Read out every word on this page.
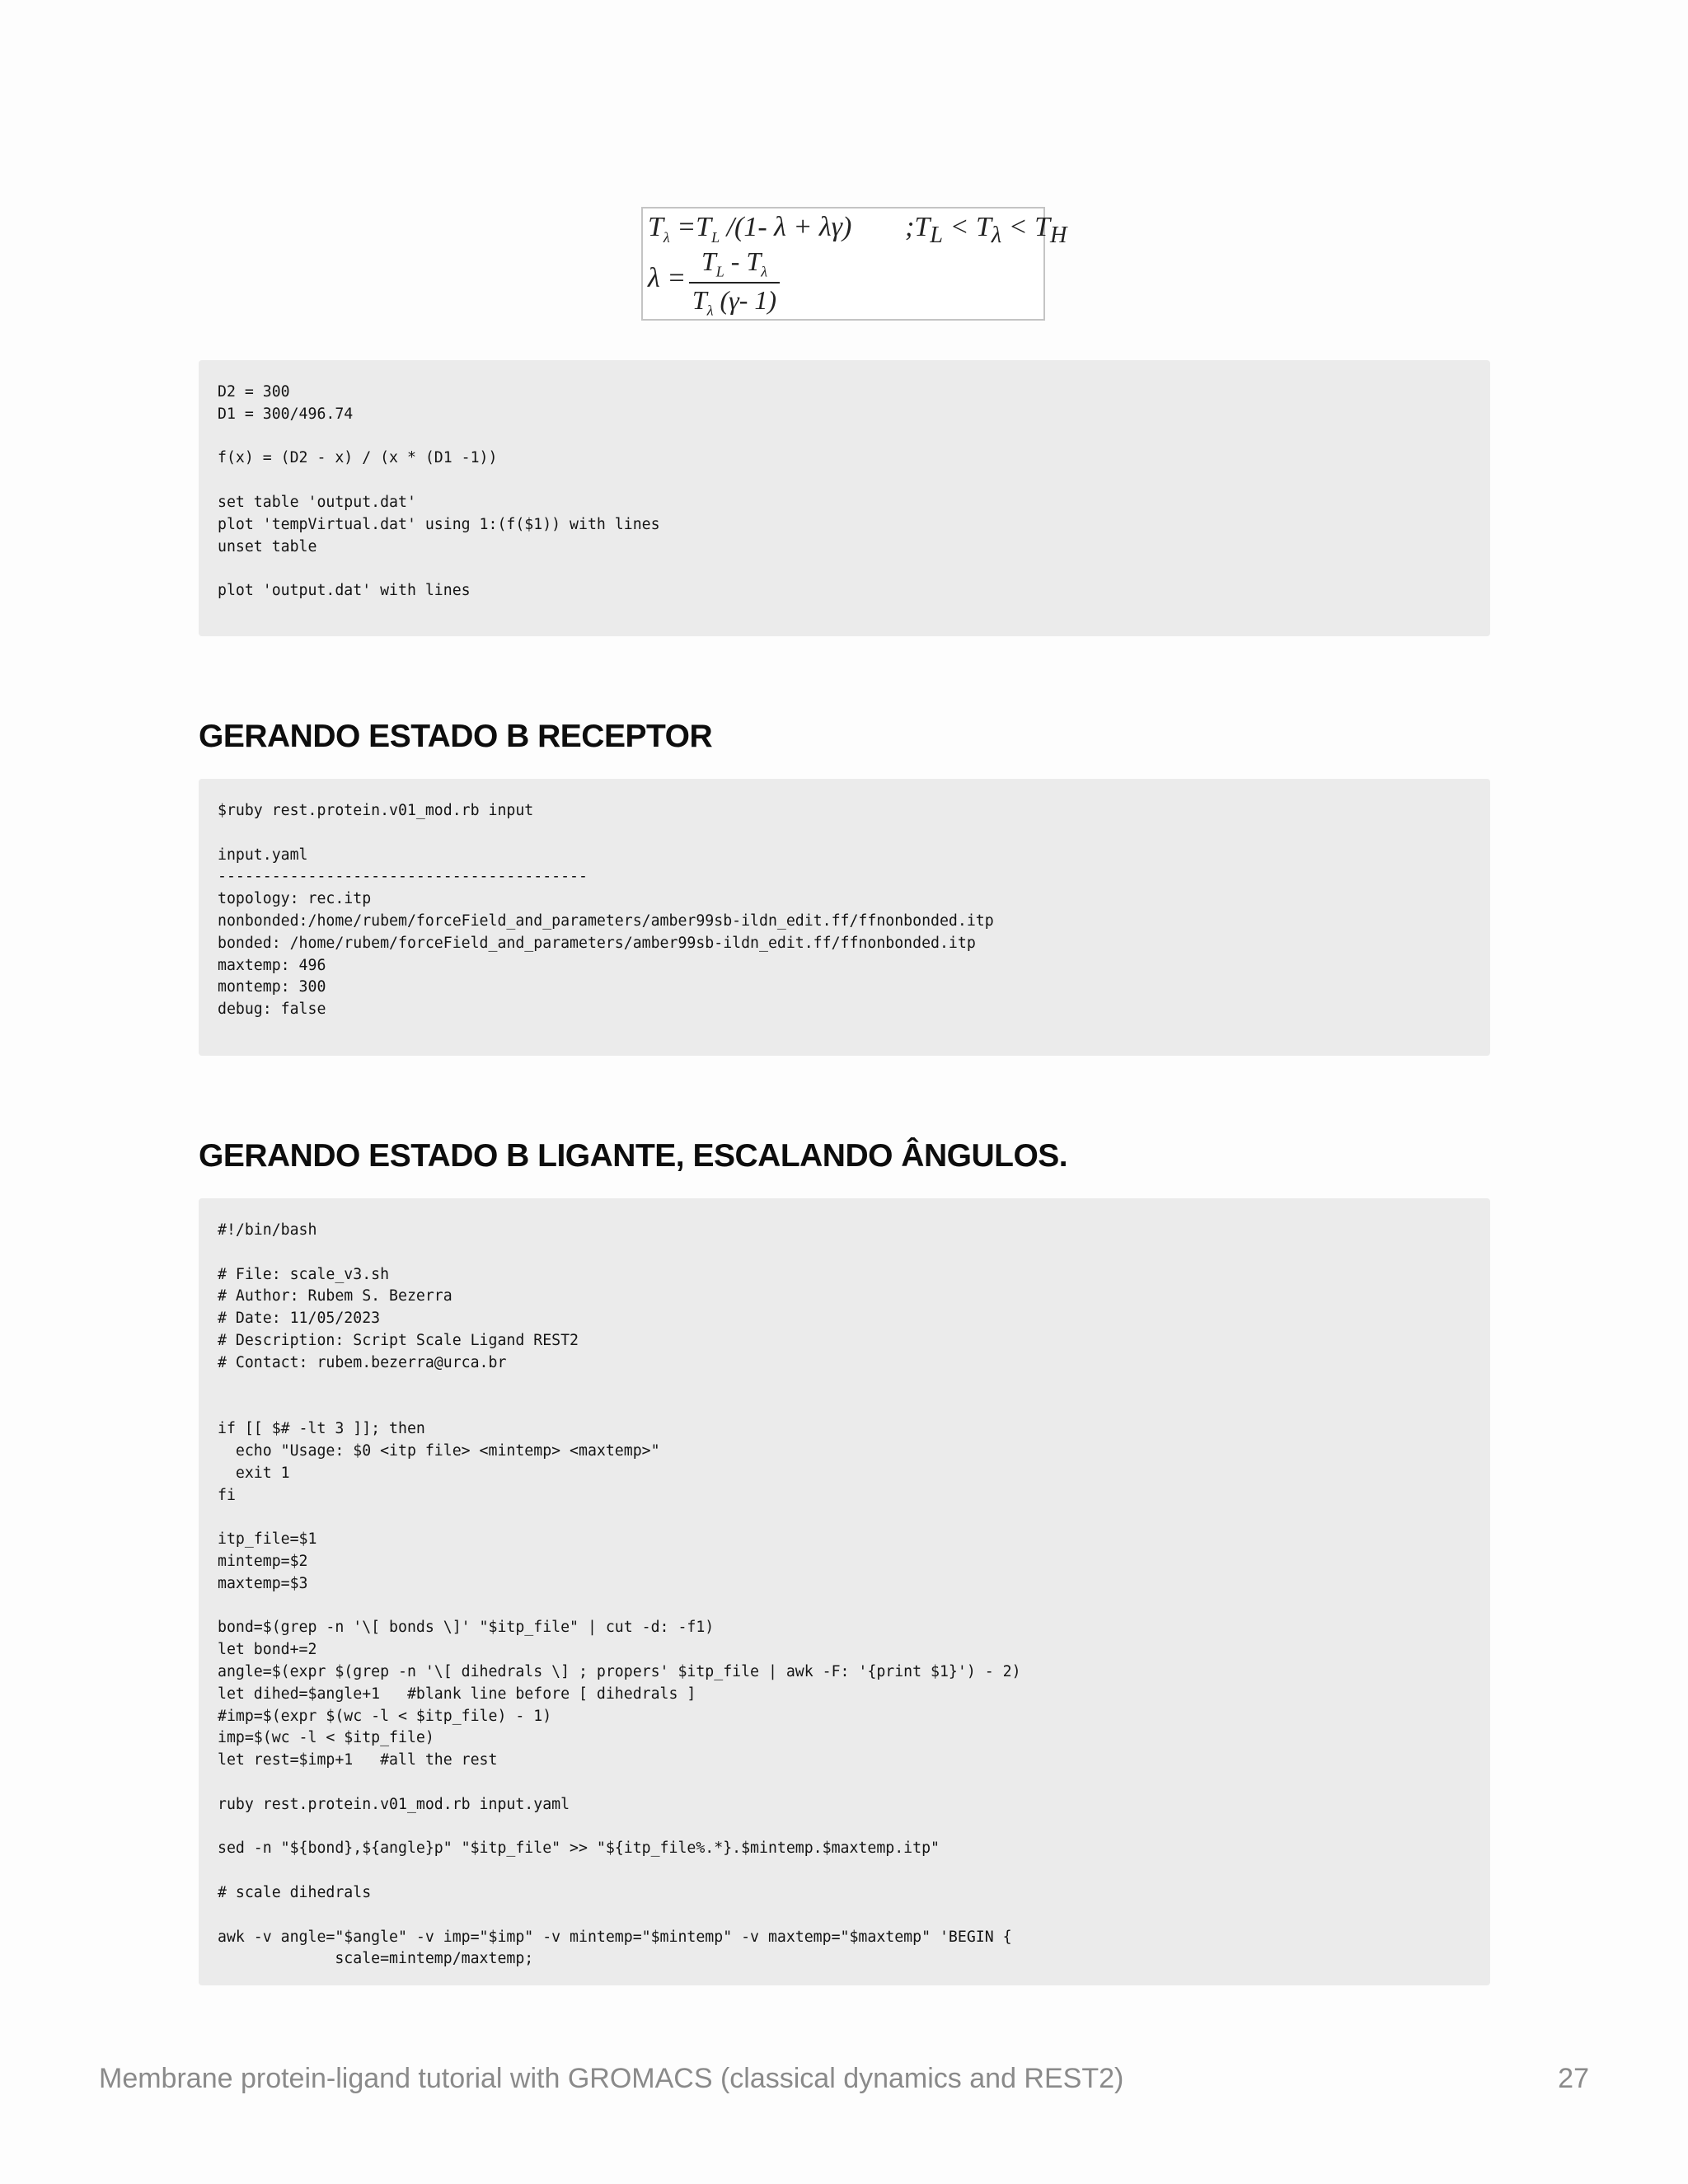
$T_\lambda =T_L$ /(1- λ + λγ) $;T_L < T_\lambda < T_H$
$\lambda = \frac{T_L - T_\lambda}{T_\lambda (\gamma- 1)}$
D2 = 300
D1 = 300/496.74

f(x) = (D2 - x) / (x * (D1 -1))

set table 'output.dat'
plot 'tempVirtual.dat' using 1:(f($1)) with lines
unset table

plot 'output.dat' with lines
GERANDO ESTADO B RECEPTOR
$ruby rest.protein.v01_mod.rb input

input.yaml
-----------------------------------------
topology: rec.itp
nonbonded:/home/rubem/forceField_and_parameters/amber99sb-ildn_edit.ff/ffnonbonded.itp
bonded: /home/rubem/forceField_and_parameters/amber99sb-ildn_edit.ff/ffnonbonded.itp
maxtemp: 496
montemp: 300
debug: false
GERANDO ESTADO B LIGANTE, ESCALANDO ÂNGULOS.
#!/bin/bash

# File: scale_v3.sh
# Author: Rubem S. Bezerra
# Date: 11/05/2023
# Description: Script Scale Ligand REST2
# Contact: rubem.bezerra@urca.br

if [[ $# -lt 3 ]]; then
echo "Usage: $0 <itp file> <mintemp> <maxtemp>"
exit 1
fi

itp_file=$1
mintemp=$2
maxtemp=$3

bond=$(grep -n '\[ bonds \]' "$itp_file" | cut -d: -f1)
let bond+=2
angle=$(expr $(grep -n '\[ dihedrals \] ; propers' $itp_file | awk -F: '{print $1}') - 2)
let dihed=$angle+1   #blank line before [ dihedrals ]
#imp=$(expr $(wc -l < $itp_file) - 1)
imp=$(wc -l < $itp_file)
let rest=$imp+1   #all the rest

ruby rest.protein.v01_mod.rb input.yaml

sed -n "${bond},${angle}p" "$itp_file" >> "${itp_file%.*}.$mintemp.$maxtemp.itp"

# scale dihedrals

awk -v angle="$angle" -v imp="$imp" -v mintemp="$mintemp" -v maxtemp="$maxtemp" 'BEGIN {
scale=mintemp/maxtemp;
Membrane protein-ligand tutorial with GROMACS (classical dynamics and REST2)	27
